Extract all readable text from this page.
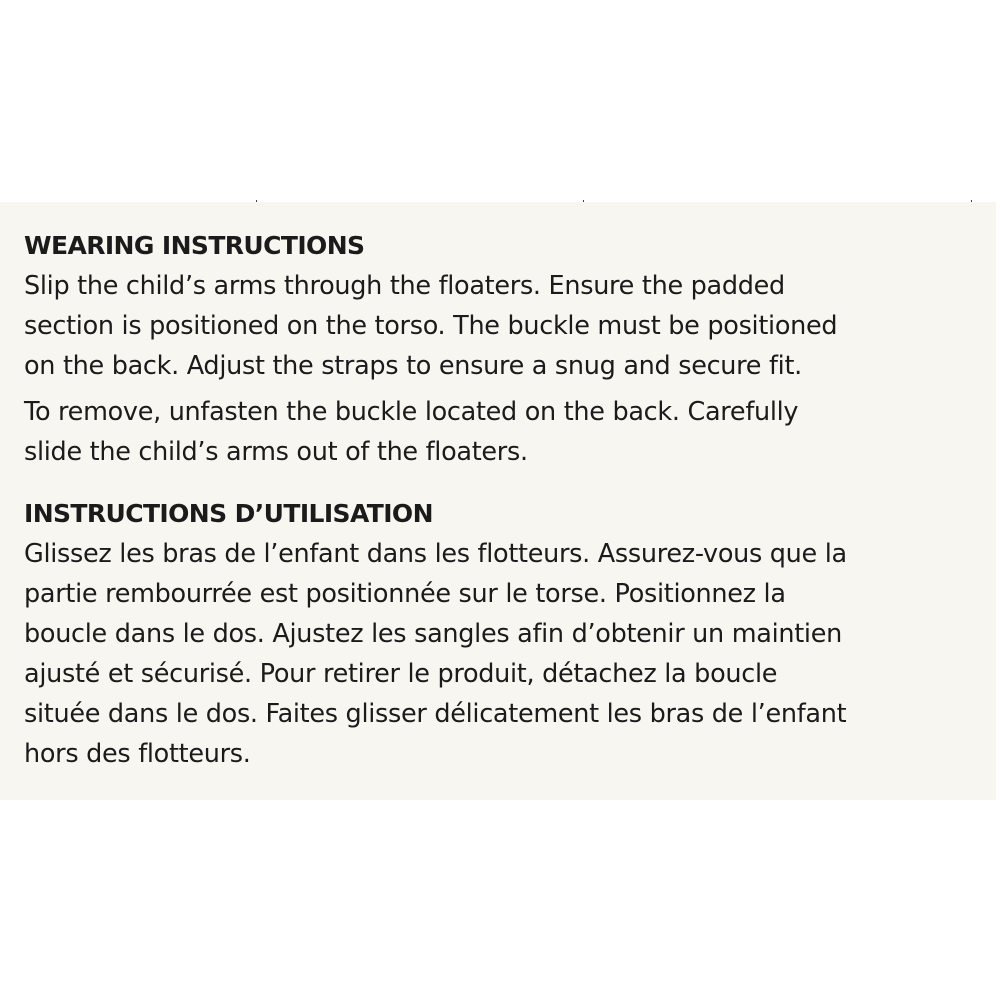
WEARING INSTRUCTIONS

Slip the child’s arms through the floaters. Ensure the padded

section is positioned on the torso. The buckle must be positioned

on the back. Adjust the straps to ensure a snug and secure fit.

To remove, unfasten the buckle located on the back. Carefully

slide the child’s arms out of the floaters.

INSTRUCTIONS D’UTILISATION

Glissez les bras de l’enfant dans les flotteurs. Assurez-vous que la

partie rembourrée est positionnée sur le torse. Positionnez la

boucle dans le dos. Ajustez les sangles afin d’obtenir un maintien

ajusté et sécurisé. Pour retirer le produit, détachez la boucle

située dans le dos. Faites glisser délicatement les bras de l’enfant

hors des flotteurs.
